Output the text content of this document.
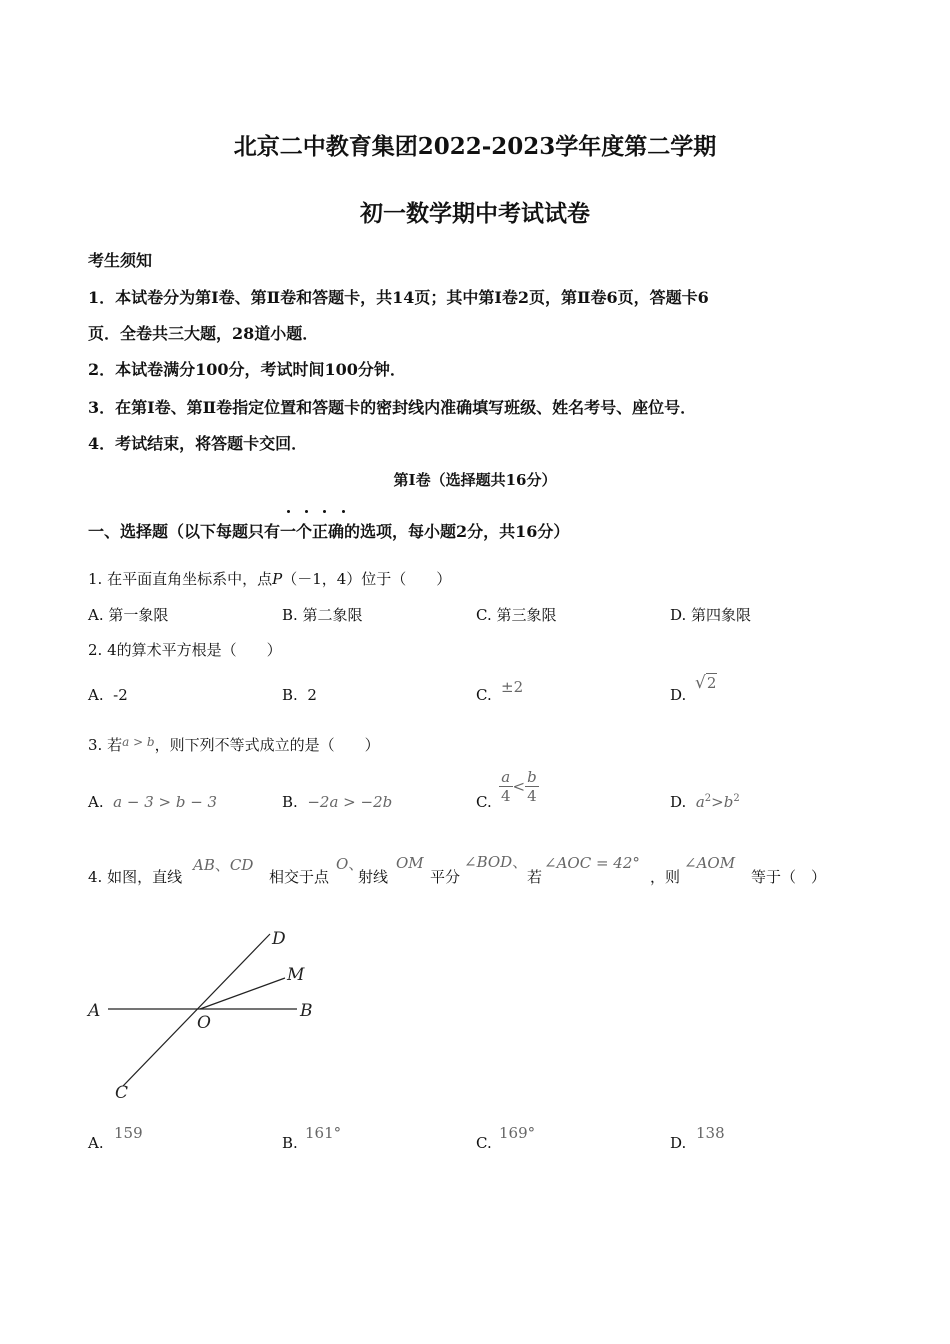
北京二中教育集团2022-2023学年度第二学期
初一数学期中考试试卷
考生须知
1．本试卷分为第Ⅰ卷、第Ⅱ卷和答题卡，共14页；其中第Ⅰ卷2页，第Ⅱ卷6页，答题卡6
页．全卷共三大题，28道小题．
2．本试卷满分100分，考试时间100分钟．
3．在第Ⅰ卷、第Ⅱ卷指定位置和答题卡的密封线内准确填写班级、姓名考号、座位号．
4．考试结束，将答题卡交回．
第Ⅰ卷（选择题共16分）
一、选择题（以下每题只有一个正确的选项，每小题2分，共16分）
1. 在平面直角坐标系中，点P（－1，4）位于（　　）
A. 第一象限	B. 第二象限	C. 第三象限	D. 第四象限
2. 4的算术平方根是（　　）
A. -2	B. 2	C. ±2	D.
√2
3. 若$^{a > b}$，则下列不等式成立的是（　　）
A. a − 3 > b − 3	B. −2a > −2b	C. $\frac{a}{4} < \frac{b}{4}$	D. $a^2>b^2$
4. 如图，直线
AB、CD
相交于点
O、
射线
OM
平分
∠BOD、
若
∠AOC = 42°
，则
∠AOM
等于（　）
A	B
C
D
M
O
A.
159
B.
161°
C.
169°
D.
138
